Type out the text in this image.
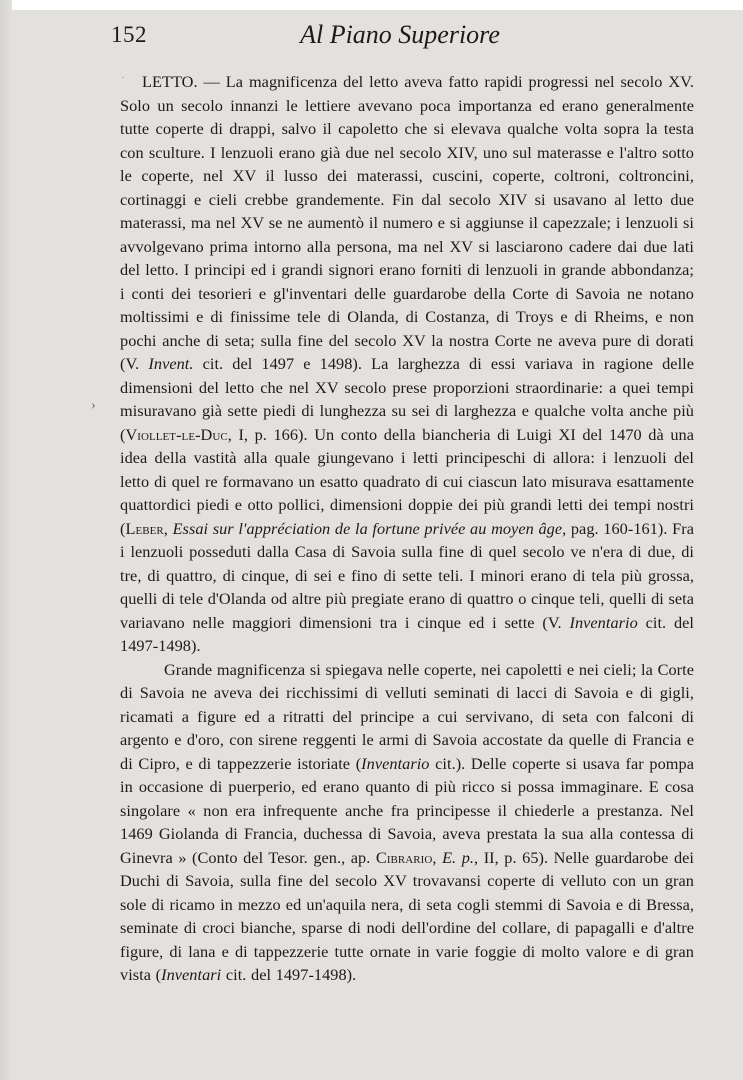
152	Al Piano Superiore
·
›

LETTO. — La magnificenza del letto aveva fatto rapidi progressi nel secolo XV. Solo un secolo innanzi le lettiere avevano poca importanza ed erano generalmente tutte coperte di drappi, salvo il capoletto che si elevava qualche volta sopra la testa con sculture. I lenzuoli erano già due nel secolo XIV, uno sul materasse e l'altro sotto le coperte, nel XV il lusso dei materassi, cuscini, coperte, coltroni, coltroncini, cortinaggi e cieli crebbe grandemente. Fin dal secolo XIV si usavano al letto due materassi, ma nel XV se ne aumentò il numero e si aggiunse il capezzale; i lenzuoli si avvolgevano prima intorno alla persona, ma nel XV si lasciarono cadere dai due lati del letto. I principi ed i grandi signori erano forniti di lenzuoli in grande abbondanza; i conti dei tesorieri e gl'inventari delle guardarobe della Corte di Savoia ne notano moltissimi e di finissime tele di Olanda, di Costanza, di Troys e di Rheims, e non pochi anche di seta; sulla fine del secolo XV la nostra Corte ne aveva pure di dorati (V. Invent. cit. del 1497 e 1498). La larghezza di essi variava in ragione delle dimensioni del letto che nel XV secolo prese proporzioni straordinarie: a quei tempi misuravano già sette piedi di lunghezza su sei di larghezza e qualche volta anche più (Viollet-le-Duc, I, p. 166). Un conto della biancheria di Luigi XI del 1470 dà una idea della vastità alla quale giungevano i letti principeschi di allora: i lenzuoli del letto di quel re formavano un esatto quadrato di cui ciascun lato misurava esattamente quattordici piedi e otto pollici, dimensioni doppie dei più grandi letti dei tempi nostri (Leber, Essai sur l'appréciation de la fortune privée au moyen âge, pag. 160-161). Fra i lenzuoli posseduti dalla Casa di Savoia sulla fine di quel secolo ve n'era di due, di tre, di quattro, di cinque, di sei e fino di sette teli. I minori erano di tela più grossa, quelli di tele d'Olanda od altre più pregiate erano di quattro o cinque teli, quelli di seta variavano nelle maggiori dimensioni tra i cinque ed i sette (V. Inventario cit. del 1497-1498).

Grande magnificenza si spiegava nelle coperte, nei capoletti e nei cieli; la Corte di Savoia ne aveva dei ricchissimi di velluti seminati di lacci di Savoia e di gigli, ricamati a figure ed a ritratti del principe a cui servivano, di seta con falconi di argento e d'oro, con sirene reggenti le armi di Savoia accostate da quelle di Francia e di Cipro, e di tappezzerie istoriate (Inventario cit.). Delle coperte si usava far pompa in occasione di puerperio, ed erano quanto di più ricco si possa immaginare. E cosa singolare « non era infrequente anche fra principesse il chiederle a prestanza. Nel 1469 Giolanda di Francia, duchessa di Savoia, aveva prestata la sua alla contessa di Ginevra » (Conto del Tesor. gen., ap. Cibrario, E. p., II, p. 65). Nelle guardarobe dei Duchi di Savoia, sulla fine del secolo XV trovavansi coperte di velluto con un gran sole di ricamo in mezzo ed un'aquila nera, di seta cogli stemmi di Savoia e di Bressa, seminate di croci bianche, sparse di nodi dell'ordine del collare, di papagalli e d'altre figure, di lana e di tappezzerie tutte ornate in varie foggie di molto valore e di gran vista (Inventari cit. del 1497-1498).
